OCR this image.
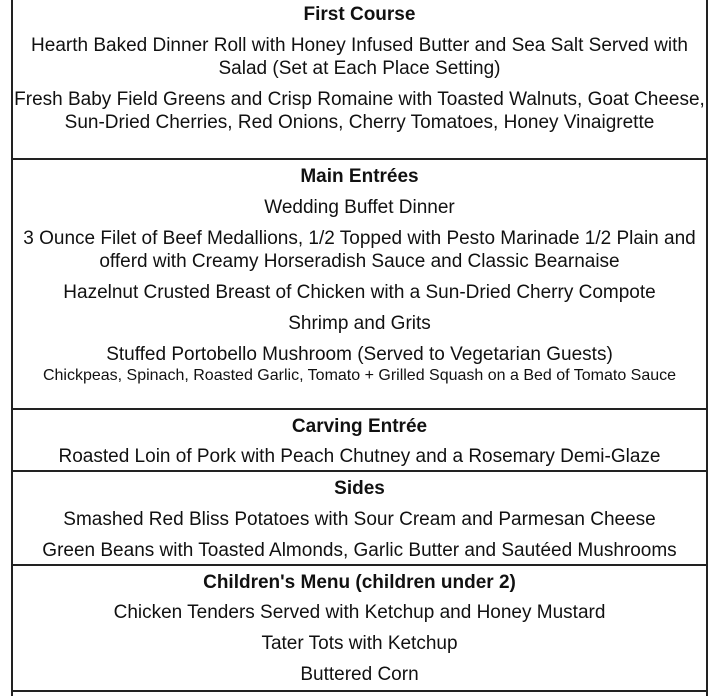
First Course
Hearth Baked Dinner Roll with Honey Infused Butter and Sea Salt Served with Salad (Set at Each Place Setting)
Fresh Baby Field Greens and Crisp Romaine with Toasted Walnuts, Goat Cheese, Sun-Dried Cherries, Red Onions, Cherry Tomatoes, Honey Vinaigrette
Main Entrées
Wedding Buffet Dinner
3 Ounce Filet of Beef Medallions, 1/2 Topped with Pesto Marinade 1/2 Plain and offerd with Creamy Horseradish Sauce and Classic Bearnaise
Hazelnut Crusted Breast of Chicken with a Sun-Dried Cherry Compote
Shrimp and Grits
Stuffed Portobello Mushroom (Served to Vegetarian Guests)
Chickpeas, Spinach, Roasted Garlic, Tomato + Grilled Squash on a Bed of Tomato Sauce
Carving Entrée
Roasted Loin of Pork with Peach Chutney and a Rosemary Demi-Glaze
Sides
Smashed Red Bliss Potatoes with Sour Cream and Parmesan Cheese
Green Beans with Toasted Almonds, Garlic Butter and Sautéed Mushrooms
Children's Menu (children under 2)
Chicken Tenders Served with Ketchup and Honey Mustard
Tater Tots with Ketchup
Buttered Corn
